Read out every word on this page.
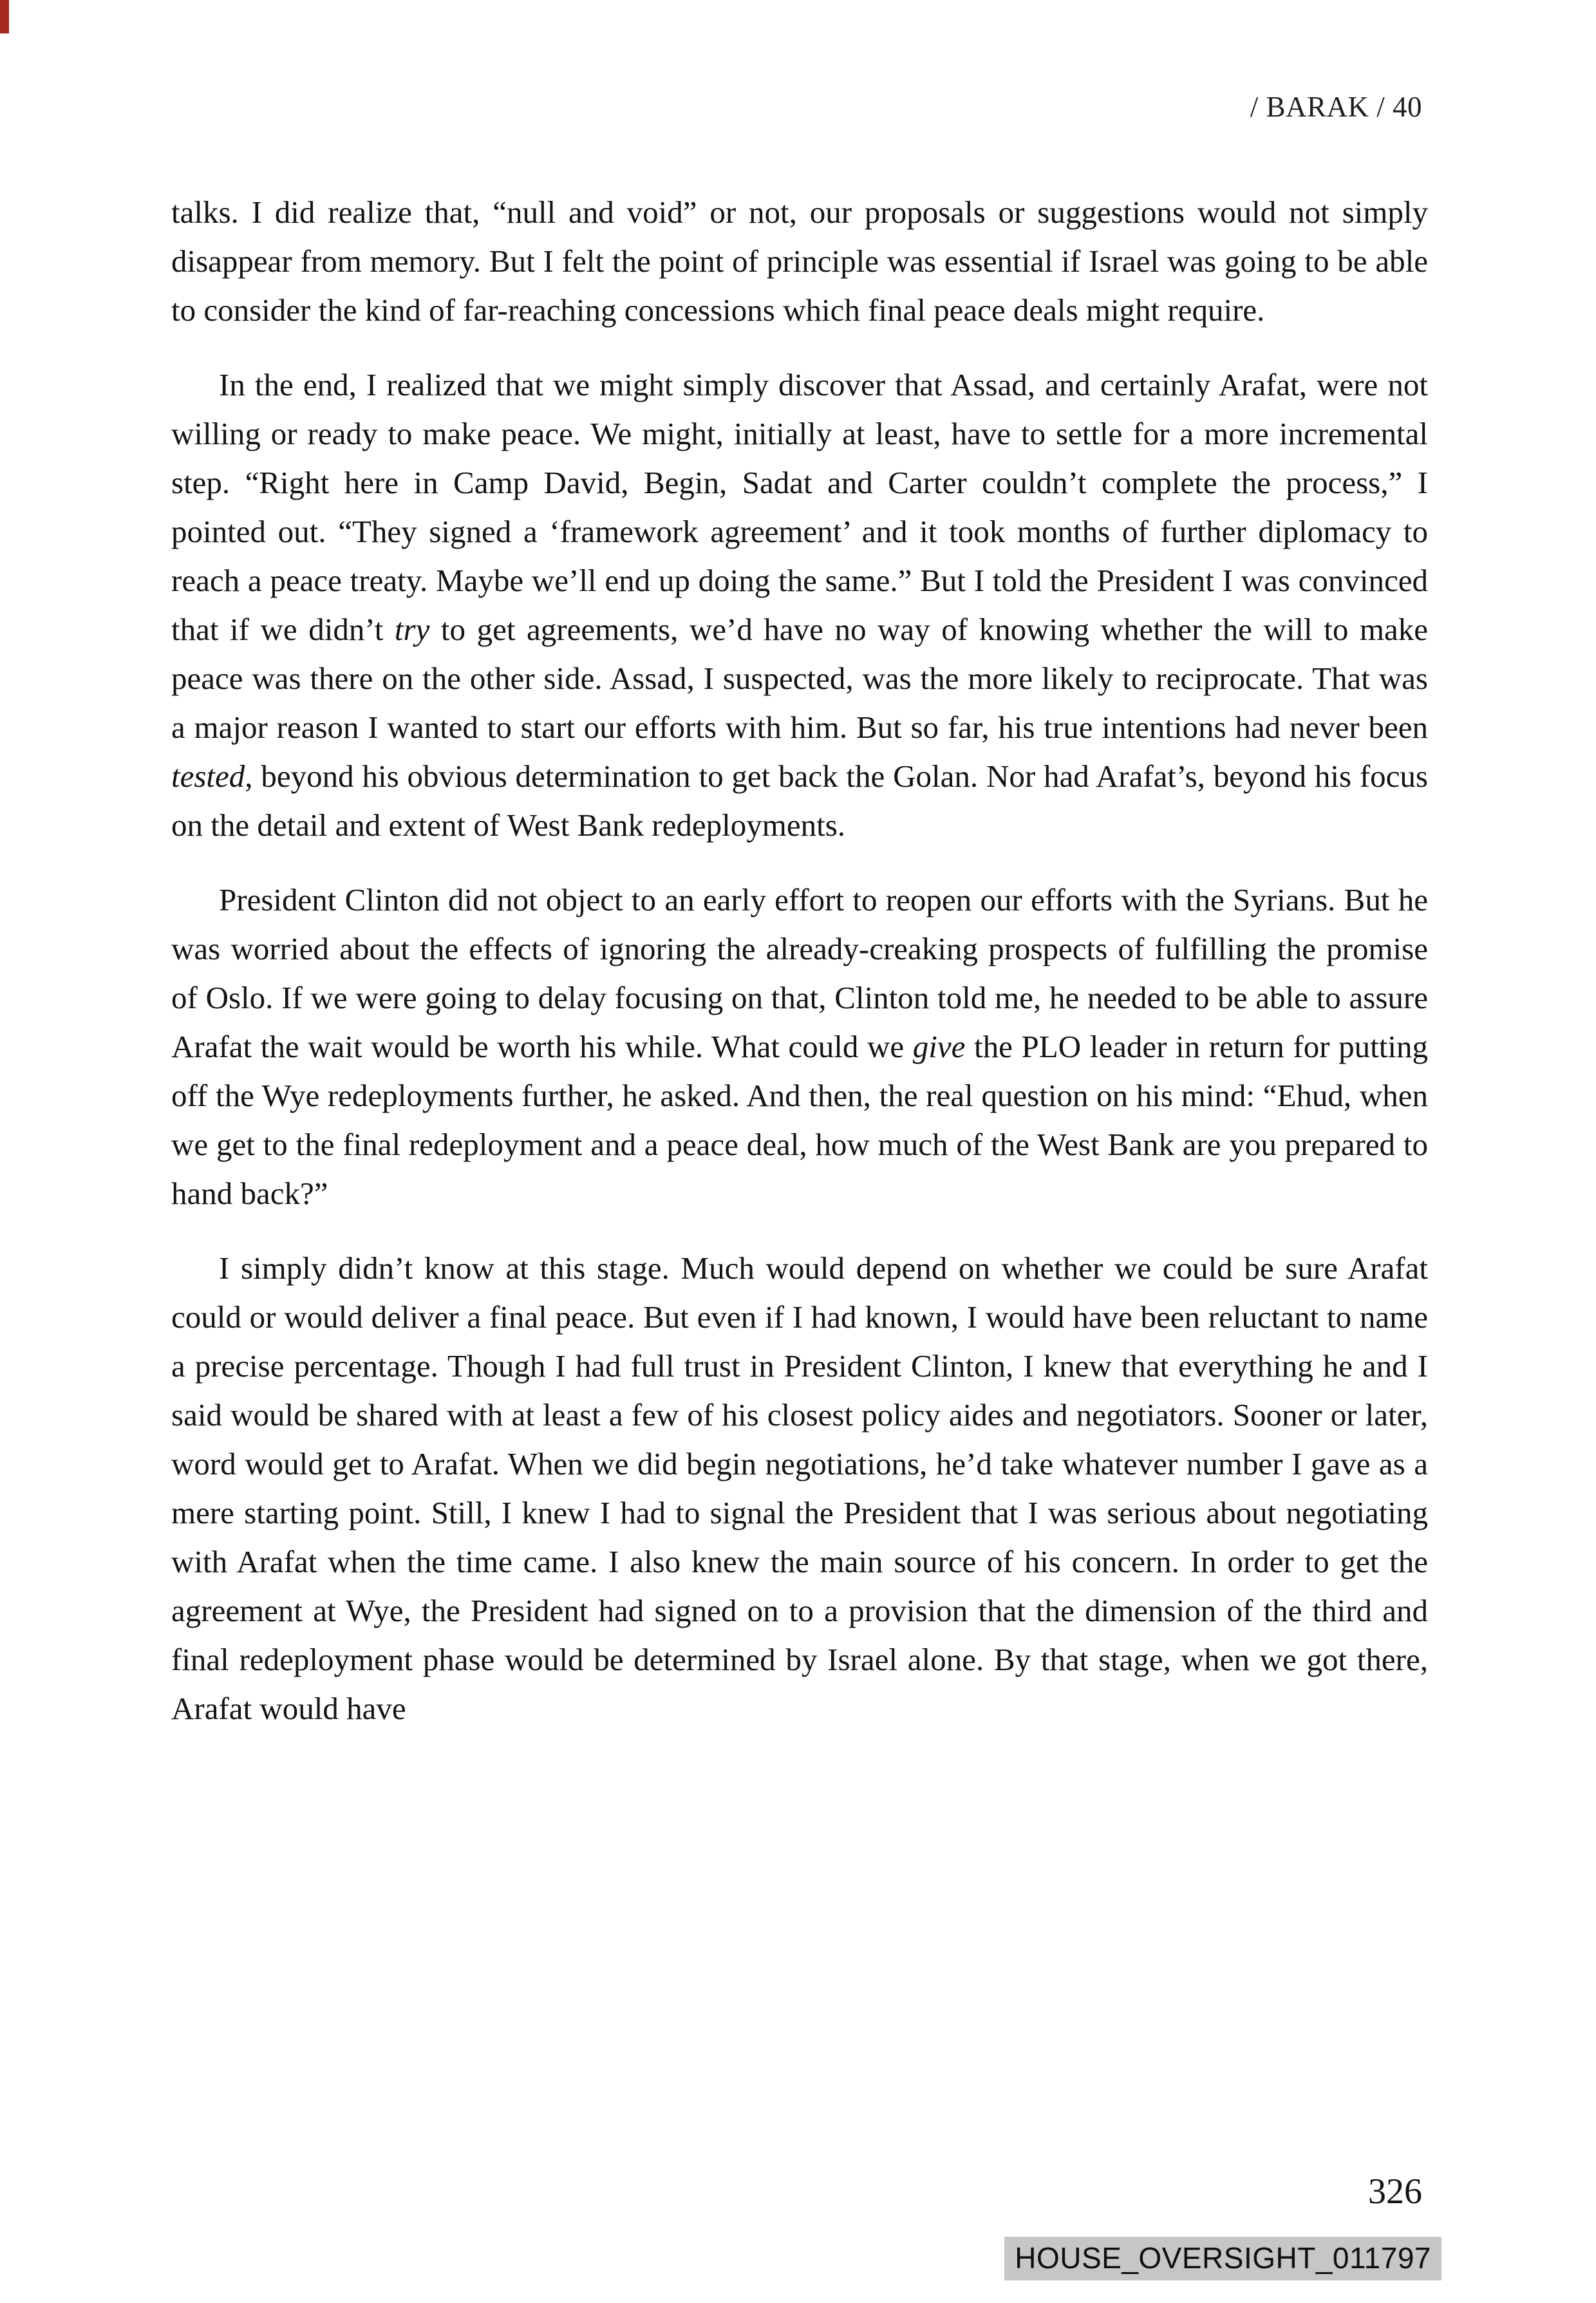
/ BARAK / 40

talks. I did realize that, “null and void” or not, our proposals or suggestions would not simply disappear from memory. But I felt the point of principle was essential if Israel was going to be able to consider the kind of far-reaching concessions which final peace deals might require.

In the end, I realized that we might simply discover that Assad, and certainly Arafat, were not willing or ready to make peace. We might, initially at least, have to settle for a more incremental step. “Right here in Camp David, Begin, Sadat and Carter couldn’t complete the process,” I pointed out. “They signed a ‘framework agreement’ and it took months of further diplomacy to reach a peace treaty. Maybe we’ll end up doing the same.” But I told the President I was convinced that if we didn’t try to get agreements, we’d have no way of knowing whether the will to make peace was there on the other side. Assad, I suspected, was the more likely to reciprocate. That was a major reason I wanted to start our efforts with him. But so far, his true intentions had never been tested, beyond his obvious determination to get back the Golan. Nor had Arafat’s, beyond his focus on the detail and extent of West Bank redeployments.

President Clinton did not object to an early effort to reopen our efforts with the Syrians. But he was worried about the effects of ignoring the already-creaking prospects of fulfilling the promise of Oslo. If we were going to delay focusing on that, Clinton told me, he needed to be able to assure Arafat the wait would be worth his while. What could we give the PLO leader in return for putting off the Wye redeployments further, he asked. And then, the real question on his mind: “Ehud, when we get to the final redeployment and a peace deal, how much of the West Bank are you prepared to hand back?”

I simply didn’t know at this stage. Much would depend on whether we could be sure Arafat could or would deliver a final peace. But even if I had known, I would have been reluctant to name a precise percentage. Though I had full trust in President Clinton, I knew that everything he and I said would be shared with at least a few of his closest policy aides and negotiators. Sooner or later, word would get to Arafat. When we did begin negotiations, he’d take whatever number I gave as a mere starting point. Still, I knew I had to signal the President that I was serious about negotiating with Arafat when the time came. I also knew the main source of his concern. In order to get the agreement at Wye, the President had signed on to a provision that the dimension of the third and final redeployment phase would be determined by Israel alone. By that stage, when we got there, Arafat would have

326
HOUSE_OVERSIGHT_011797
